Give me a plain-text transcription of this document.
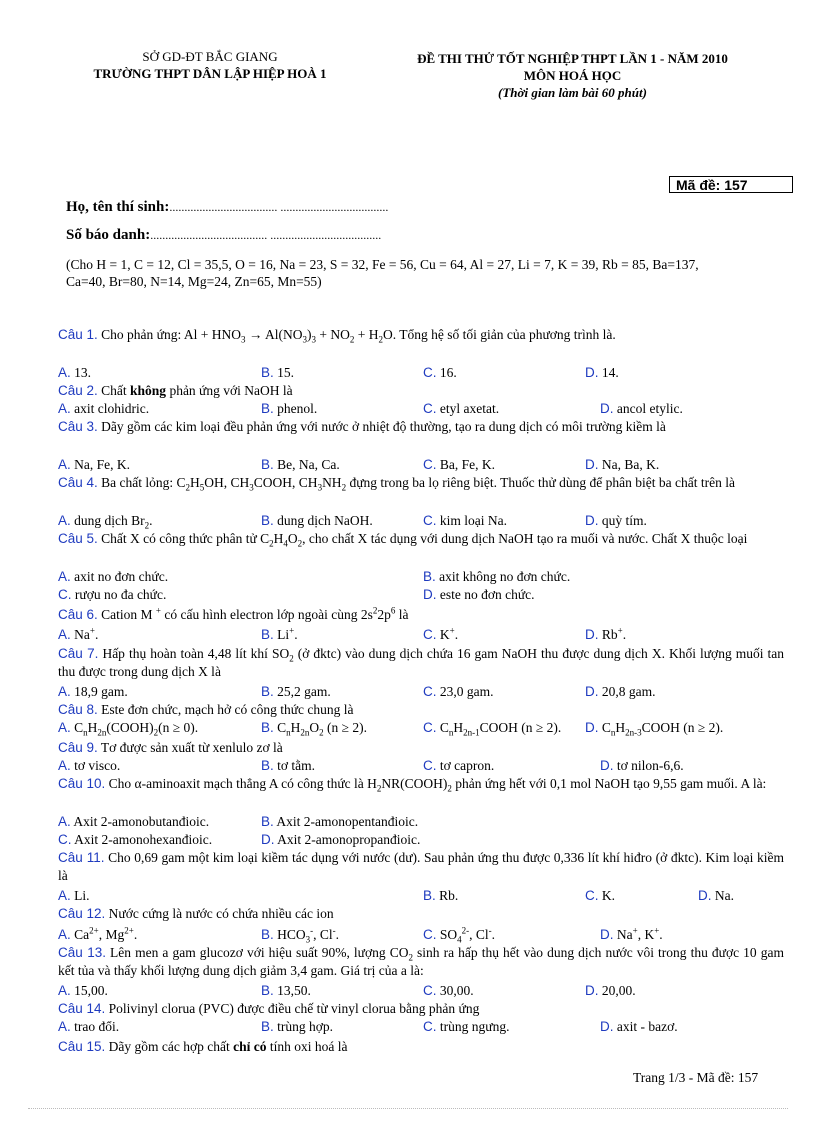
SỞ GD-ĐT BẮC GIANG
TRƯỜNG THPT DÂN LẬP HIỆP HOÀ 1
ĐỀ THI THỬ TỐT NGHIỆP THPT LẦN 1 - NĂM 2010
MÔN HOÁ HỌC
(Thời gian làm bài 60 phút)
Mã đề: 157
Họ, tên thí sinh:.................................... ....................................
Số báo danh:....................................... .....................................
(Cho H = 1, C = 12, Cl = 35,5, O = 16, Na = 23, S = 32, Fe = 56, Cu = 64, Al = 27, Li = 7, K = 39, Rb = 85, Ba=137, Ca=40, Br=80, N=14, Mg=24, Zn=65, Mn=55)
Câu 1. Cho phản ứng: $Al + HNO_3 \to Al(NO_3)_3 + NO_2 + H_2O$. Tổng hệ số tối giản của phương trình là.
A. 13.	B. 15.	C. 16.	D. 14.
Câu 2. Chất không phản ứng với NaOH là
A. axit clohidric.	B. phenol.	C. etyl axetat.	D. ancol etylic.
Câu 3. Dãy gồm các kim loại đều phản ứng với nước ở nhiệt độ thường, tạo ra dung dịch có môi trường kiềm là
A. Na, Fe, K.	B. Be, Na, Ca.	C. Ba, Fe, K.	D. Na, Ba, K.
Câu 4. Ba chất lỏng: $C_2H_5OH$, $CH_3COOH$, $CH_3NH_2$ đựng trong ba lọ riêng biệt. Thuốc thử dùng để phân biệt ba chất trên là
A. dung dịch $Br_2$.	B. dung dịch NaOH.	C. kim loại Na.	D. quỳ tím.
Câu 5. Chất X có công thức phân tử $C_2H_4O_2$, cho chất X tác dụng với dung dịch NaOH tạo ra muối và nước. Chất X thuộc loại
A. axit no đơn chức.	B. axit không no đơn chức.
C. rượu no đa chức.	D. este no đơn chức.
Câu 6. Cation M + có cấu hình electron lớp ngoài cùng $2s^22p^6$ là
A. Na+.	B. Li+.	C. K+.	D. Rb+.
Câu 7. Hấp thụ hoàn toàn 4,48 lít khí $SO_2$ (ở đktc) vào dung dịch chứa 16 gam NaOH thu được dung dịch X. Khối lượng muối tan thu được trong dung dịch X là
A. 18,9 gam.	B. 25,2 gam.	C. 23,0 gam.	D. 20,8 gam.
Câu 8. Este đơn chức, mạch hở có công thức chung là
A. $C_nH_{2n}(COOH)_2(n \ge 0)$.	B. $C_nH_{2n}O_2$ (n ≥ 2).	C. $C_nH_{2n-1}COOH$ (n ≥ 2). D. $C_nH_{2n-3}COOH$ (n ≥ 2).
Câu 9. Tơ được sản xuất từ xenlulo zơ là
A. tơ visco.	B. tơ tằm.	C. tơ capron.	D. tơ nilon-6,6.
Câu 10. Cho α-aminoaxit mạch thẳng A có công thức là $H_2NR(COOH)_2$ phản ứng hết với 0,1 mol NaOH tạo 9,55 gam muối. A là:
A. Axit 2-amonobutanđioic.	B. Axit 2-amonopentanđioic.
C. Axit 2-amonohexanđioic.	D. Axit 2-amonopropanđioic.
Câu 11. Cho 0,69 gam một kim loại kiềm tác dụng với nước (dư). Sau phản ứng thu được 0,336 lít khí hiđro (ở đktc). Kim loại kiềm là
A. Li.	B. Rb.	C. K.	D. Na.
Câu 12. Nước cứng là nước có chứa nhiều các ion
A. $Ca^{2+}$, $Mg^{2+}$.	B. $HCO_3^-$, Cl-.	C. $SO_4^{2-}$, Cl-.	D. Na+, K+.
Câu 13. Lên men a gam glucozơ với hiệu suất 90%, lượng $CO_2$ sinh ra hấp thụ hết vào dung dịch nước vôi trong thu được 10 gam kết tủa và thấy khối lượng dung dịch giảm 3,4 gam. Giá trị của a là:
A. 15,00.	B. 13,50.	C. 30,00.	D. 20,00.
Câu 14. Polivinyl clorua (PVC) được điều chế từ vinyl clorua bằng phản ứng
A. trao đổi.	B. trùng hợp.	C. trùng ngưng.	D. axit - bazơ.
Câu 15. Dãy gồm các hợp chất chỉ có tính oxi hoá là
Trang 1/3 - Mã đề: 157
